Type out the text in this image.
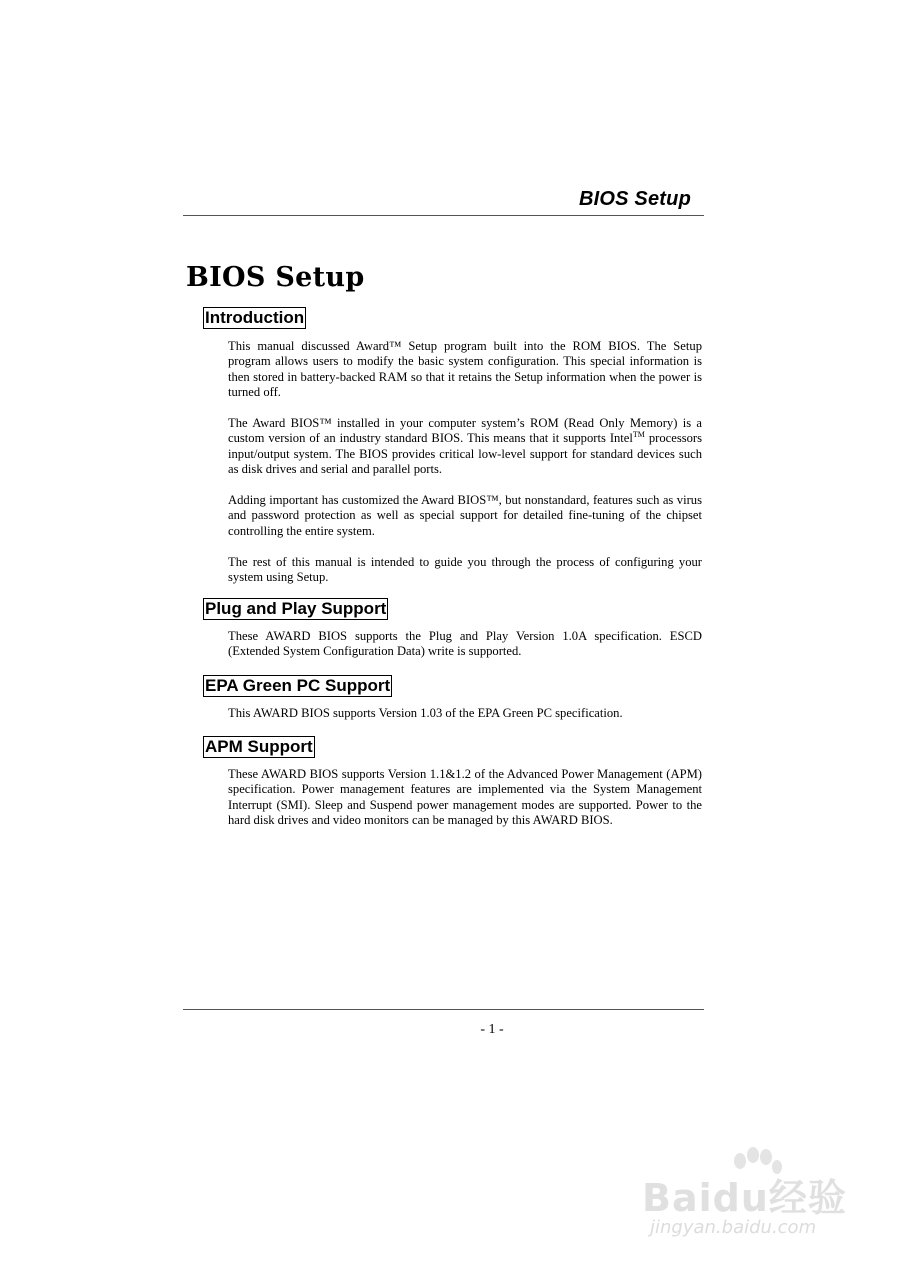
BIOS Setup
BIOS Setup
Introduction

This manual discussed Award™ Setup program built into the ROM BIOS. The Setup program allows users to modify the basic system configuration. This special information is then stored in battery-backed RAM so that it retains the Setup information when the power is turned off.

The Award BIOS™ installed in your computer system’s ROM (Read Only Memory) is a custom version of an industry standard BIOS. This means that it supports Intel™ processors input/output system. The BIOS provides critical low-level support for standard devices such as disk drives and serial and parallel ports.

Adding important has customized the Award BIOS™, but nonstandard, features such as virus and password protection as well as special support for detailed fine-tuning of the chipset controlling the entire system.

The rest of this manual is intended to guide you through the process of configuring your system using Setup.

Plug and Play Support

These AWARD BIOS supports the Plug and Play Version 1.0A specification. ESCD (Extended System Configuration Data) write is supported.

EPA Green PC Support

This AWARD BIOS supports Version 1.03 of the EPA Green PC specification.

APM Support

These AWARD BIOS supports Version 1.1&1.2 of the Advanced Power Management (APM) specification. Power management features are implemented via the System Management Interrupt (SMI). Sleep and Suspend power management modes are supported. Power to the hard disk drives and video monitors can be managed by this AWARD BIOS.

- 1 -
Baidu经验
jingyan.baidu.com
